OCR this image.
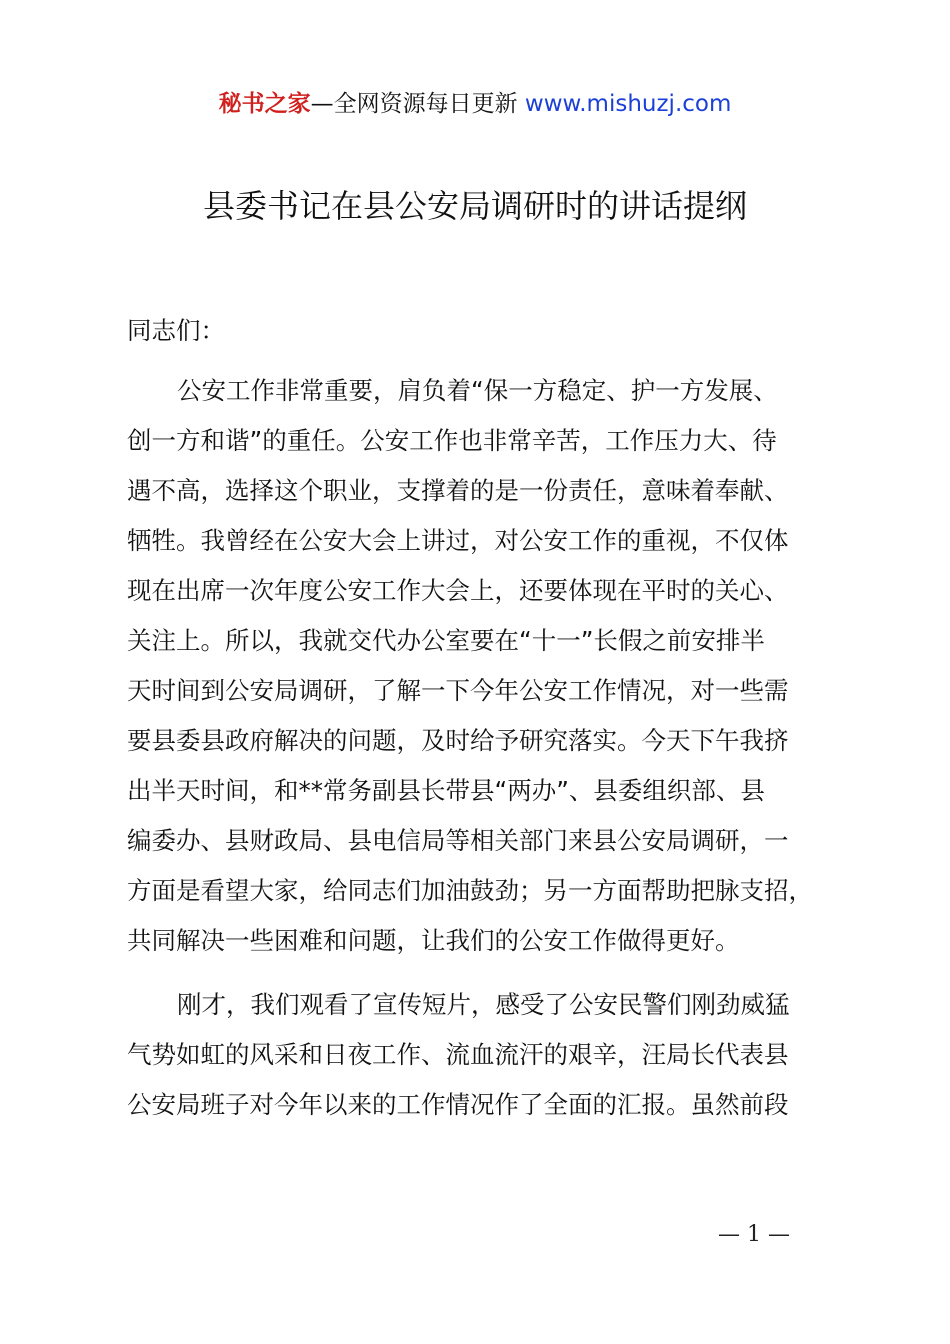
秘书之家—全网资源每日更新 www.mishuzj.com
县委书记在县公安局调研时的讲话提纲
同志们：
公安工作非常重要，肩负着“保一方稳定、护一方发展、
创一方和谐”的重任。公安工作也非常辛苦，工作压力大、待
遇不高，选择这个职业，支撑着的是一份责任，意味着奉献、
牺牲。我曾经在公安大会上讲过，对公安工作的重视，不仅体
现在出席一次年度公安工作大会上，还要体现在平时的关心、
关注上。所以，我就交代办公室要在“十一”长假之前安排半
天时间到公安局调研，了解一下今年公安工作情况，对一些需
要县委县政府解决的问题，及时给予研究落实。今天下午我挤
出半天时间，和**常务副县长带县“两办”、县委组织部、县
编委办、县财政局、县电信局等相关部门来县公安局调研，一
方面是看望大家，给同志们加油鼓劲；另一方面帮助把脉支招，
共同解决一些困难和问题，让我们的公安工作做得更好。
刚才，我们观看了宣传短片，感受了公安民警们刚劲威猛
气势如虹的风采和日夜工作、流血流汗的艰辛，汪局长代表县
公安局班子对今年以来的工作情况作了全面的汇报。虽然前段
— 1 —
